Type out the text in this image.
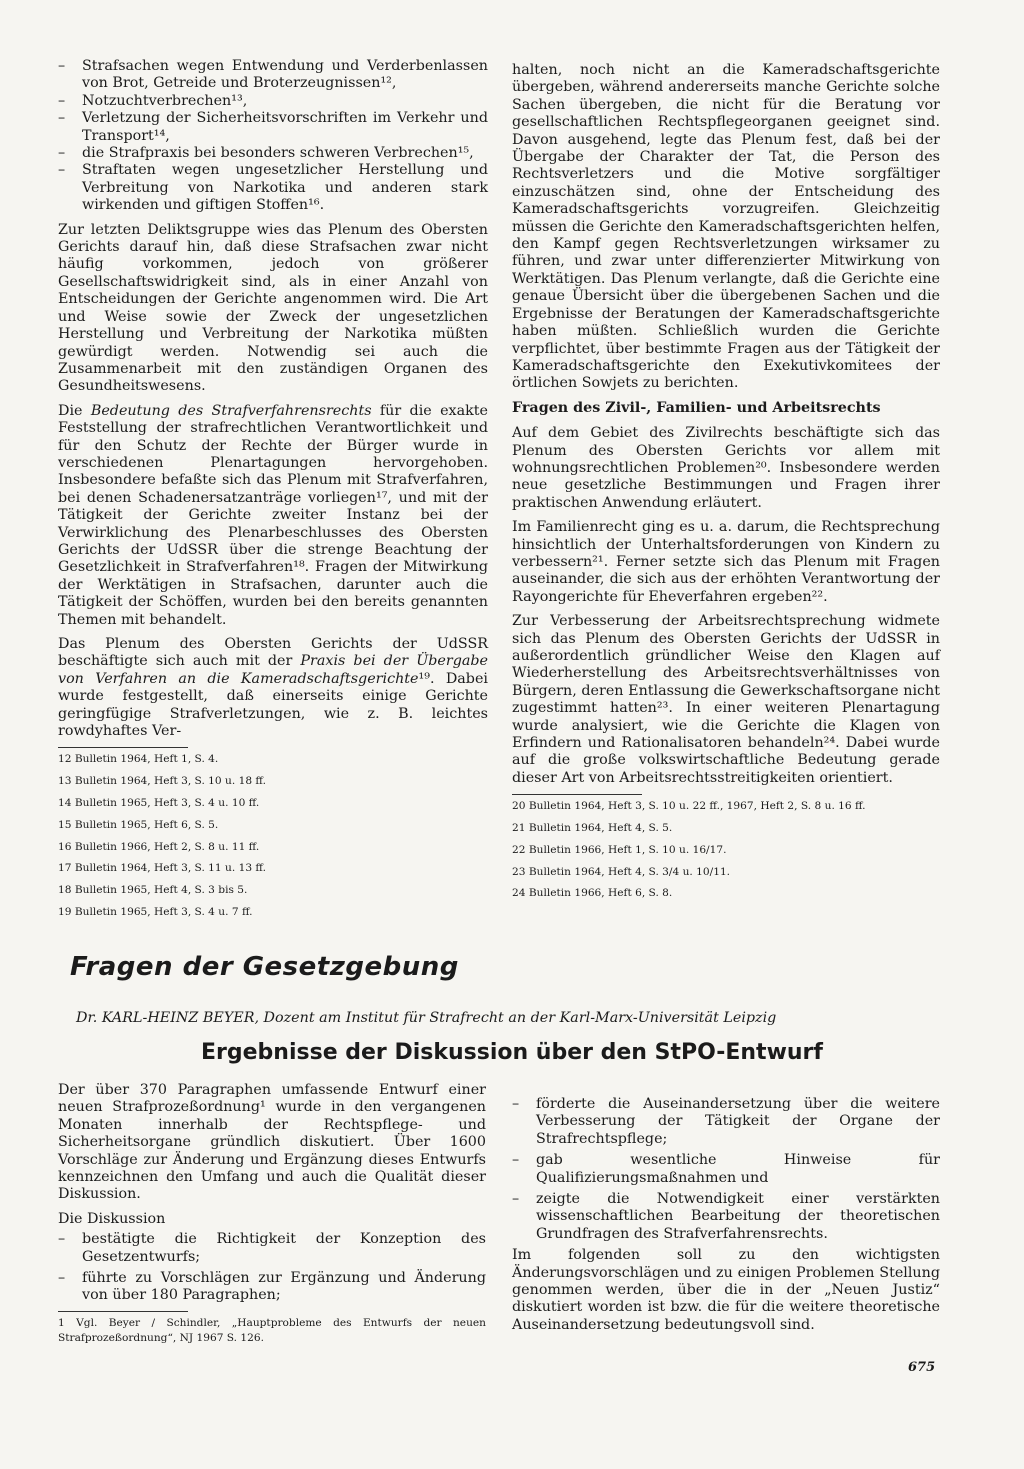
–	Strafsachen wegen Entwendung und Verderbenlassen von Brot, Getreide und Broterzeugnissen¹²,
–	Notzuchtverbrechen¹³,
–	Verletzung der Sicherheitsvorschriften im Verkehr und Transport¹⁴,
–	die Strafpraxis bei besonders schweren Verbrechen¹⁵,
–	Straftaten wegen ungesetzlicher Herstellung und Verbreitung von Narkotika und anderen stark wirkenden und giftigen Stoffen¹⁶.

Zur letzten Deliktsgruppe wies das Plenum des Obersten Gerichts darauf hin, daß diese Strafsachen zwar nicht häufig vorkommen, jedoch von größerer Gesellschaftswidrigkeit sind, als in einer Anzahl von Entscheidungen der Gerichte angenommen wird. Die Art und Weise sowie der Zweck der ungesetzlichen Herstellung und Verbreitung der Narkotika müßten gewürdigt werden. Notwendig sei auch die Zusammenarbeit mit den zuständigen Organen des Gesundheitswesens.

Die Bedeutung des Strafverfahrensrechts für die exakte Feststellung der strafrechtlichen Verantwortlichkeit und für den Schutz der Rechte der Bürger wurde in verschiedenen Plenartagungen hervorgehoben. Insbesondere befaßte sich das Plenum mit Strafverfahren, bei denen Schadenersatzanträge vorliegen¹⁷, und mit der Tätigkeit der Gerichte zweiter Instanz bei der Verwirklichung des Plenarbeschlusses des Obersten Gerichts der UdSSR über die strenge Beachtung der Gesetzlichkeit in Strafverfahren¹⁸. Fragen der Mitwirkung der Werktätigen in Strafsachen, darunter auch die Tätigkeit der Schöffen, wurden bei den bereits genannten Themen mit behandelt.

Das Plenum des Obersten Gerichts der UdSSR beschäftigte sich auch mit der Praxis bei der Übergabe von Verfahren an die Kameradschaftsgerichte¹⁹. Dabei wurde festgestellt, daß einerseits einige Gerichte geringfügige Strafverletzungen, wie z. B. leichtes rowdyhaftes Ver-

12 Bulletin 1964, Heft 1, S. 4.

13 Bulletin 1964, Heft 3, S. 10 u. 18 ff.

14 Bulletin 1965, Heft 3, S. 4 u. 10 ff.

15 Bulletin 1965, Heft 6, S. 5.

16 Bulletin 1966, Heft 2, S. 8 u. 11 ff.

17 Bulletin 1964, Heft 3, S. 11 u. 13 ff.

18 Bulletin 1965, Heft 4, S. 3 bis 5.

19 Bulletin 1965, Heft 3, S. 4 u. 7 ff.

halten, noch nicht an die Kameradschaftsgerichte übergeben, während andererseits manche Gerichte solche Sachen übergeben, die nicht für die Beratung vor gesellschaftlichen Rechtspflegeorganen geeignet sind. Davon ausgehend, legte das Plenum fest, daß bei der Übergabe der Charakter der Tat, die Person des Rechtsverletzers und die Motive sorgfältiger einzuschätzen sind, ohne der Entscheidung des Kameradschaftsgerichts vorzugreifen. Gleichzeitig müssen die Gerichte den Kameradschaftsgerichten helfen, den Kampf gegen Rechtsverletzungen wirksamer zu führen, und zwar unter differenzierter Mitwirkung von Werktätigen. Das Plenum verlangte, daß die Gerichte eine genaue Übersicht über die übergebenen Sachen und die Ergebnisse der Beratungen der Kameradschaftsgerichte haben müßten. Schließlich wurden die Gerichte verpflichtet, über bestimmte Fragen aus der Tätigkeit der Kameradschaftsgerichte den Exekutivkomitees der örtlichen Sowjets zu berichten.

Fragen des Zivil-, Familien- und Arbeitsrechts

Auf dem Gebiet des Zivilrechts beschäftigte sich das Plenum des Obersten Gerichts vor allem mit wohnungsrechtlichen Problemen²⁰. Insbesondere werden neue gesetzliche Bestimmungen und Fragen ihrer praktischen Anwendung erläutert.

Im Familienrecht ging es u. a. darum, die Rechtsprechung hinsichtlich der Unterhaltsforderungen von Kindern zu verbessern²¹. Ferner setzte sich das Plenum mit Fragen auseinander, die sich aus der erhöhten Verantwortung der Rayongerichte für Eheverfahren ergeben²².

Zur Verbesserung der Arbeitsrechtsprechung widmete sich das Plenum des Obersten Gerichts der UdSSR in außerordentlich gründlicher Weise den Klagen auf Wiederherstellung des Arbeitsrechtsverhältnisses von Bürgern, deren Entlassung die Gewerkschaftsorgane nicht zugestimmt hatten²³. In einer weiteren Plenartagung wurde analysiert, wie die Gerichte die Klagen von Erfindern und Rationalisatoren behandeln²⁴. Dabei wurde auf die große volkswirtschaftliche Bedeutung gerade dieser Art von Arbeitsrechtsstreitigkeiten orientiert.

20 Bulletin 1964, Heft 3, S. 10 u. 22 ff., 1967, Heft 2, S. 8 u. 16 ff.

21 Bulletin 1964, Heft 4, S. 5.

22 Bulletin 1966, Heft 1, S. 10 u. 16/17.

23 Bulletin 1964, Heft 4, S. 3/4 u. 10/11.

24 Bulletin 1966, Heft 6, S. 8.

Fragen der Gesetzgebung

Dr. KARL-HEINZ BEYER, Dozent am Institut für Strafrecht an der Karl-Marx-Universität Leipzig

Ergebnisse der Diskussion über den StPO-Entwurf

Der über 370 Paragraphen umfassende Entwurf einer neuen Strafprozeßordnung¹ wurde in den vergangenen Monaten innerhalb der Rechtspflege- und Sicherheitsorgane gründlich diskutiert. Über 1600 Vorschläge zur Änderung und Ergänzung dieses Entwurfs kennzeichnen den Umfang und auch die Qualität dieser Diskussion.

Die Diskussion

–	bestätigte die Richtigkeit der Konzeption des Gesetzentwurfs;
–	führte zu Vorschlägen zur Ergänzung und Änderung von über 180 Paragraphen;

1 Vgl. Beyer / Schindler, „Hauptprobleme des Entwurfs der neuen Strafprozeßordnung“, NJ 1967 S. 126.

–	förderte die Auseinandersetzung über die weitere Verbesserung der Tätigkeit der Organe der Strafrechtspflege;
–	gab wesentliche Hinweise für Qualifizierungsmaßnahmen und
–	zeigte die Notwendigkeit einer verstärkten wissenschaftlichen Bearbeitung der theoretischen Grundfragen des Strafverfahrensrechts.

Im folgenden soll zu den wichtigsten Änderungsvorschlägen und zu einigen Problemen Stellung genommen werden, über die in der „Neuen Justiz“ diskutiert worden ist bzw. die für die weitere theoretische Auseinandersetzung bedeutungsvoll sind.

675
